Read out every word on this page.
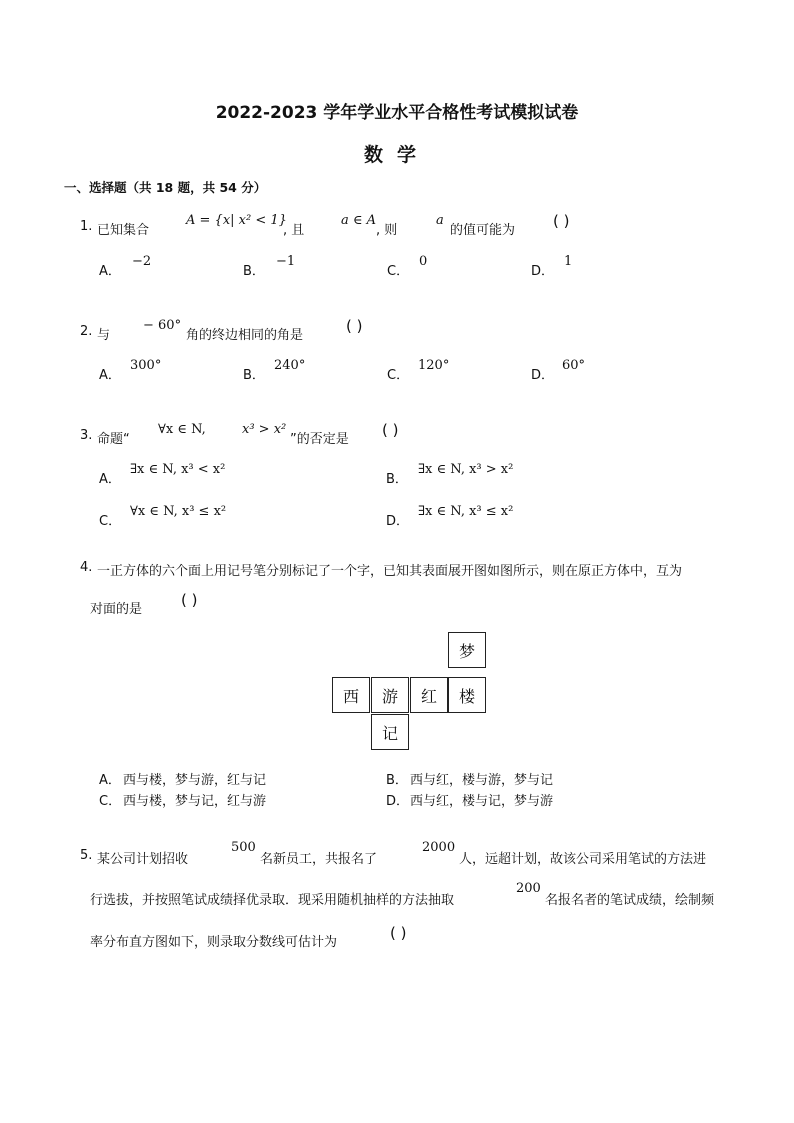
2022-2023 学年学业水平合格性考试模拟试卷
数学
一、选择题（共 18 题，共 54 分）
1. 已知集合
A = {x| x² < 1}
, 且
a ∈ A
, 则
a
的值可能为
( )
A．
−2
B．
−1
C．
0
D．
1
2. 与
− 60°
角的终边相同的角是
( )
A．
300°
B．
240°
C．
120°
D．
60°
3. 命题“
∀x ∈ N,	x³ > x²
”的否定是
( )
A．
∃x ∈ N, x³ < x²
B．
∃x ∈ N, x³ > x²
C．
∀x ∈ N, x³ ≤ x²
D．
∃x ∈ N, x³ ≤ x²
4. 一正方体的六个面上用记号笔分别标记了一个字，已知其表面展开图如图所示，则在原正方体中，互为
对面的是
( )
梦
西	游	红	楼
记
A． 西与楼，梦与游，红与记	B． 西与红，楼与游，梦与记
C． 西与楼，梦与记，红与游	D． 西与红，楼与记，梦与游
5. 某公司计划招收
500
名新员工，共报名了
2000
人，远超计划，故该公司采用笔试的方法进
行选拔，并按照笔试成绩择优录取．现采用随机抽样的方法抽取
200
名报名者的笔试成绩，绘制频
率分布直方图如下，则录取分数线可估计为
( )
